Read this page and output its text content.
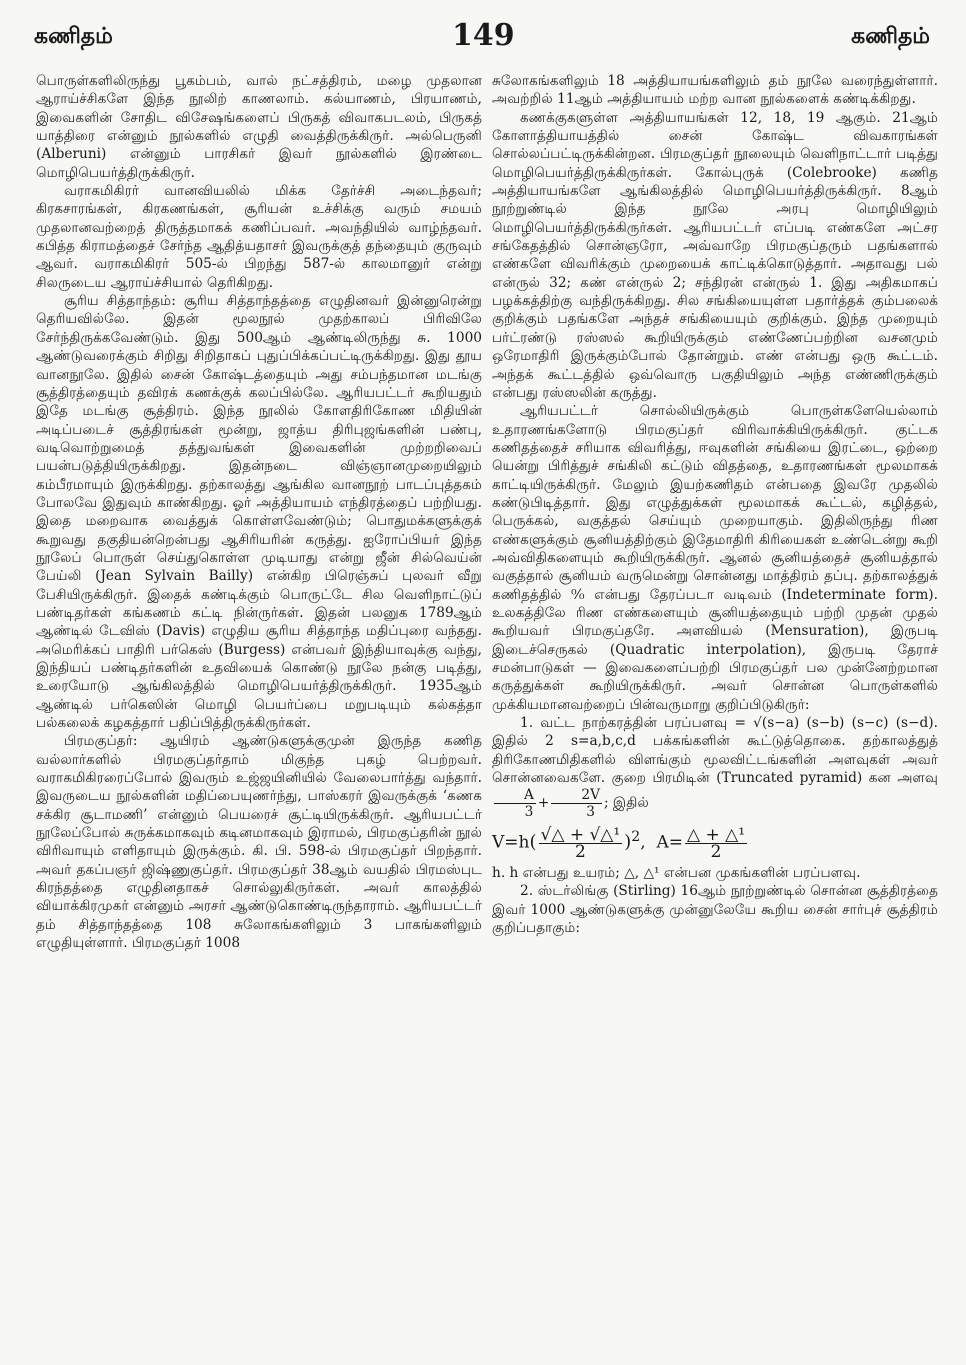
கணிதம்	149	கணிதம்

பொருள்களிலிருந்து பூகம்பம், வால் நட்சத்திரம், மழை முதலான ஆராய்ச்சிகளே இந்த நூலிற் காணலாம். கல்யாணம், பிரயாணம், இவைகளின் சோதிட விசேஷங்களைப் பிருகத் விவாகபடலம், பிருகத் யாத்திரை என்னும் நூல்களில் எழுதி வைத்திருக்கிருர். அல்பெருனி (Alberuni) என்னும் பாரசிகர் இவர் நூல்களில் இரண்டை மொழிபெயர்த்திருக்கிருர்.

வராகமிகிரர் வானவியலில் மிக்க தேர்ச்சி அடைந்தவர்; கிரகசாரங்கள், கிரகணங்கள், சூரியன் உச்சிக்கு வரும் சமயம் முதலானவற்றைத் திருத்தமாகக் கணிப்பவர். அவந்தியில் வாழ்ந்தவர். கபித்த கிராமத்தைச் சேர்ந்த ஆதித்யதாசர் இவருக்குத் தந்தையும் குருவும் ஆவர். வராகமிகிரர் 505-ல் பிறந்து 587-ல் காலமானுர் என்று சிலருடைய ஆராய்ச்சியால் தெரிகிறது.

சூரிய சித்தாந்தம்: சூரிய சித்தாந்தத்தை எழுதினவர் இன்னுரென்று தெரியவில்லே. இதன் மூலநூல் முதற்காலப் பிரிவிலே சேர்ந்திருக்கவேண்டும். இது 500ஆம் ஆண்டிலிருந்து சு. 1000 ஆண்டுவரைக்கும் சிறிது சிறிதாகப் புதுப்பிக்கப்பட்டிருக்கிறது. இது தூய வானநூலே. இதில் சைன் கோஷ்டத்தையும் அது சம்பந்தமான மடங்கு சூத்திரத்தையும் தவிரக் கணக்குக் கலப்பில்லே. ஆரியபட்டர் கூறியதும் இதே மடங்கு சூத்திரம். இந்த நூலில் கோளதிரிகோண மிதியின் அடிப்படைச் சூத்திரங்கள் மூன்று, ஜாத்ய திரிபுஜங்களின் பண்பு, வடிவொற்றுமைத் தத்துவங்கள் இவைகளின் முற்றறிவைப் பயன்படுத்தியிருக்கிறது. இதன்நடை விஞ்ஞானமுறையிலும் கம்பீரமாயும் இருக்கிறது. தற்காலத்து ஆங்கில வானநூற் பாடப்புத்தகம் போலவே இதுவும் காண்கிறது. ஓர் அத்தியாயம் எந்திரத்தைப் பற்றியது. இதை மறைவாக வைத்துக் கொள்ளவேண்டும்; பொதுமக்களுக்குக் கூறுவது தகுதியன்றென்பது ஆசிரியரின் கருத்து. ஐரோப்பியர் இந்த நூலேப் பொருள் செய்துகொள்ள முடியாது என்று ஜீன் சில்வெய்ன் பேய்லி (Jean Sylvain Bailly) என்கிற பிரெஞ்சுப் புலவர் வீறு பேசியிருக்கிருர். இதைக் கண்டிக்கும் பொருட்டே சில வெளிநாட்டுப் பண்டிதர்கள் கங்கணம் கட்டி நின்ருர்கள். இதன் பலனுக 1789ஆம் ஆண்டில் டேவிஸ் (Davis) எழுதிய சூரிய சித்தாந்த மதிப்புரை வந்தது. அமெரிக்கப் பாதிரி பர்கெஸ் (Burgess) என்பவர் இந்தியாவுக்கு வந்து, இந்தியப் பண்டிதர்களின் உதவியைக் கொண்டு நூலே நன்கு படித்து, உரையோடு ஆங்கிலத்தில் மொழிபெயர்த்திருக்கிருர். 1935ஆம் ஆண்டில் பர்கெஸின் மொழி பெயர்ப்பை மறுபடியும் கல்கத்தா பல்கலைக் கழகத்தார் பதிப்பித்திருக்கிருர்கள்.

பிரமகுப்தர்: ஆயிரம் ஆண்டுகளுக்குமுன் இருந்த கணித வல்லார்களில் பிரமகுப்தர்தாம் மிகுந்த புகழ் பெற்றவர். வராகமிகிரரைப்போல் இவரும் உஜ்ஜயினியில் வேலைபார்த்து வந்தார். இவருடைய நூல்களின் மதிப்பையுணர்ந்து, பாஸ்கரர் இவருக்குக் ‘கணக சக்கிர சூடாமணி’ என்னும் பெயரைச் சூட்டியிருக்கிருர். ஆரியபட்டர் நூலேப்போல் சுருக்கமாகவும் கடினமாகவும் இராமல், பிரமகுப்தரின் நூல் விரிவாயும் எளிதாயும் இருக்கும். கி. பி. 598-ல் பிரமகுப்தர் பிறந்தார். அவர் தகப்பஞர் ஜிஷ்ணுகுப்தர். பிரமகுப்தர் 38ஆம் வயதில் பிரமஸ்புட கிரந்தத்தை எழுதினதாகச் சொல்லுகிருர்கள். அவர் காலத்தில் வியாக்கிரமுகர் என்னும் அரசர் ஆண்டுகொண்டிருந்தாராம். ஆரியபட்டர் தம் சித்தாந்தத்தை 108 சுலோகங்களிலும் 3 பாகங்களிலும் எழுதியுள்ளார். பிரமகுப்தர் 1008

சுலோகங்களிலும் 18 அத்தியாயங்களிலும் தம் நூலே வரைந்துள்ளார். அவற்றில் 11ஆம் அத்தியாயம் மற்ற வான நூல்களைக் கண்டிக்கிறது.

கணக்குகளுள்ள அத்தியாயங்கள் 12, 18, 19 ஆகும். 21ஆம் கோளாத்தியாயத்தில் சைன் கோஷ்ட விவகாரங்கள் சொல்லப்பட்டிருக்கின்றன. பிரமகுப்தர் நூலையும் வெளிநாட்டார் படித்து மொழிபெயர்த்திருக்கிருர்கள். கோல்புருக் (Colebrooke) கணித அத்தியாயங்களே ஆங்கிலத்தில் மொழிபெயர்த்திருக்கிருர். 8ஆம் நூற்றுண்டில் இந்த நூலே அரபு மொழியிலும் மொழிபெயர்த்திருக்கிருர்கள். ஆரியபட்டர் எப்படி எண்களே அட்சர சங்கேதத்தில் சொன்ஞரோ, அவ்வாறே பிரமகுப்தரும் பதங்களால் எண்களே விவரிக்கும் முறையைக் காட்டிக்கொடுத்தார். அதாவது பல் என்ருல் 32; கண் என்ருல் 2; சந்திரன் என்ருல் 1. இது அதிகமாகப் பழக்கத்திற்கு வந்திருக்கிறது. சில சங்கியையுள்ள பதார்த்தக் கும்பலைக் குறிக்கும் பதங்களே அந்தச் சங்கியையும் குறிக்கும். இந்த முறையும் பர்ட்ரண்டு ரஸ்ஸல் கூறியிருக்கும் எண்ணேப்பற்றின வசனமும் ஒரேமாதிரி இருக்கும்போல் தோன்றும். எண் என்பது ஒரு கூட்டம். அந்தக் கூட்டத்தில் ஒவ்வொரு பகுதியிலும் அந்த எண்ணிருக்கும் என்பது ரஸ்ஸலின் கருத்து.

ஆரியபட்டர் சொல்லியிருக்கும் பொருள்களேயெல்லாம் உதாரணங்களோடு பிரமகுப்தர் விரிவாக்கியிருக்கிருர். குட்டக கணிதத்தைச் சரியாக விவரித்து, ஈவுகளின் சங்கியை இரட்டை, ஒற்றை யென்று பிரித்துச் சங்கிலி கட்டும் விதத்தை, உதாரணங்கள் மூலமாகக் காட்டியிருக்கிருர். மேலும் இயற்கணிதம் என்பதை இவரே முதலில் கண்டுபிடித்தார். இது எழுத்துக்கள் மூலமாகக் கூட்டல், கழித்தல், பெருக்கல், வகுத்தல் செய்யும் முறையாகும். இதிலிருந்து ரிண எண்களுக்கும் சூனியத்திற்கும் இதேமாதிரி கிரியைகள் உண்டென்று கூறி அவ்விதிகளையும் கூறியிருக்கிருர். ஆனல் சூனியத்தைச் சூனியத்தால் வகுத்தால் சூனியம் வருமென்று சொன்னது மாத்திரம் தப்பு. தற்காலத்துக் கணிதத்தில் ⁰⁄₀ என்பது தேரப்படா வடிவம் (Indeterminate form). உலகத்திலே ரிண எண்களையும் சூனியத்தையும் பற்றி முதன் முதல் கூறியவர் பிரமகுப்தரே. அளவியல் (Mensuration), இருபடி இடைச்செருகல் (Quadratic interpolation), இருபடி தேராச் சமன்பாடுகள் — இவைகளைப்பற்றி பிரமகுப்தர் பல முன்னேற்றமான கருத்துக்கள் கூறியிருக்கிருர். அவர் சொன்ன பொருள்களில் முக்கியமானவற்றைப் பின்வருமாறு குறிப்பிடுகிருர்:

1. வட்ட நாற்கரத்தின் பரப்பளவு = √(s−a) (s−b) (s−c) (s−d). இதில் 2 s=a,b,c,d பக்கங்களின் கூட்டுத்தொகை. தற்காலத்துத் திரிகோணமிதிகளில் விளங்கும் மூலவிட்டங்களின் அளவுகள் அவர் சொன்னவைகளே. குறை பிரமிடின் (Truncated pyramid) கன அளவு
$\frac{A}{3} + \frac{2V}{3}$ ; இதில்

$V=h( \frac{\text{√△ + √△¹}}{2} )^2$,  $A= \frac{\text{△ + △¹}}{2}$

h. h என்பது உயரம்; △, △¹ என்பன முகங்களின் பரப்பளவு.

2. ஸ்டர்லிங்கு (Stirling) 16ஆம் நூற்றுண்டில் சொன்ன சூத்திரத்தை இவர் 1000 ஆண்டுகளுக்கு முன்னுலேயே கூறிய சைன் சார்புச் சூத்திரம் குறிப்பதாகும்:
